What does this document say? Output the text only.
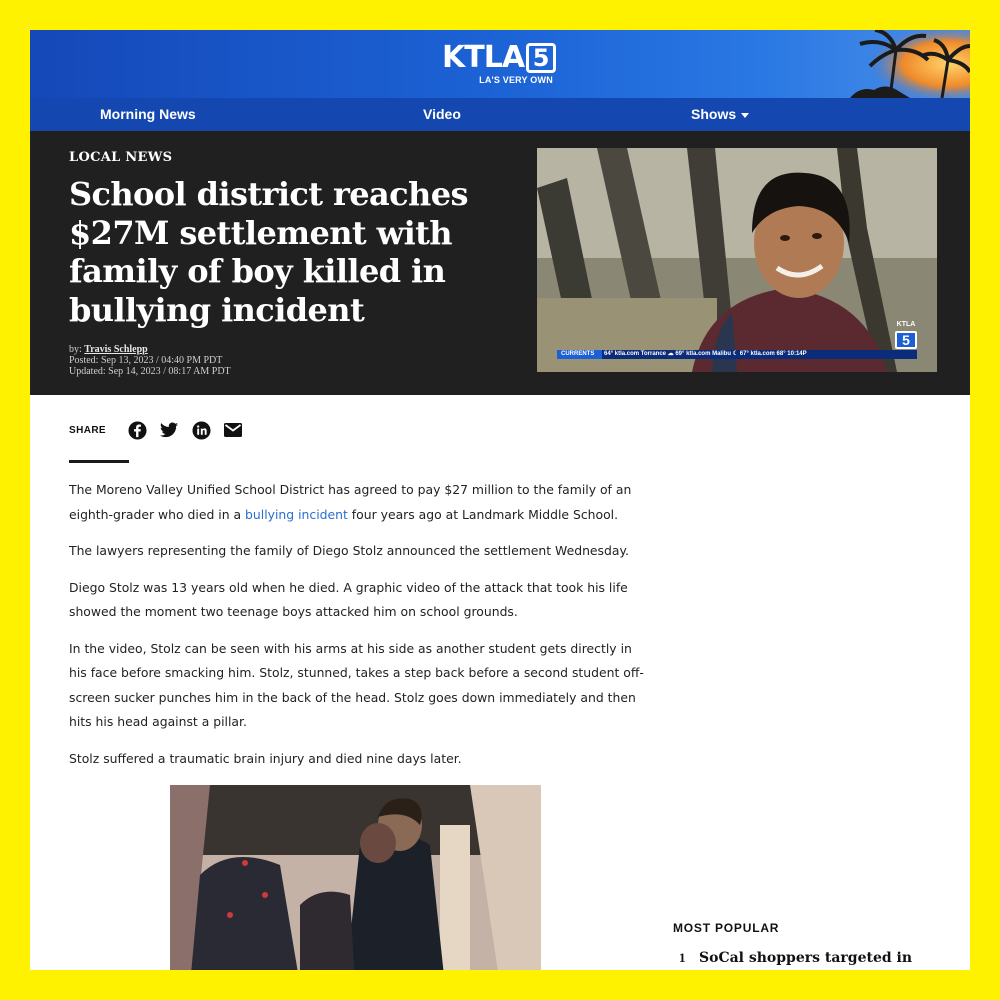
KTLA 5
LA'S VERY OWN
Morning News	Video	Shows
LOCAL NEWS
School district reaches $27M settlement with family of boy killed in bullying incident
by: Travis Schlepp
Posted: Sep 13, 2023 / 04:40 PM PDT
Updated: Sep 14, 2023 / 08:17 AM PDT
CURRENTS 64° ktla.com Torrance ☁ 69° ktla.com Malibu ☾ 67° ktla.com 68° 10:14P
KTLA
5
SHARE

The Moreno Valley Unified School District has agreed to pay $27 million to the family of an eighth-grader who died in a bullying incident four years ago at Landmark Middle School.

The lawyers representing the family of Diego Stolz announced the settlement Wednesday.

Diego Stolz was 13 years old when he died. A graphic video of the attack that took his life showed the moment two teenage boys attacked him on school grounds.

In the video, Stolz can be seen with his arms at his side as another student gets directly in his face before smacking him. Stolz, stunned, takes a step back before a second student off-screen sucker punches him in the back of the head. Stolz goes down immediately and then hits his head against a pillar.

Stolz suffered a traumatic brain injury and died nine days later.

MOST POPULAR
1 SoCal shoppers targeted in
